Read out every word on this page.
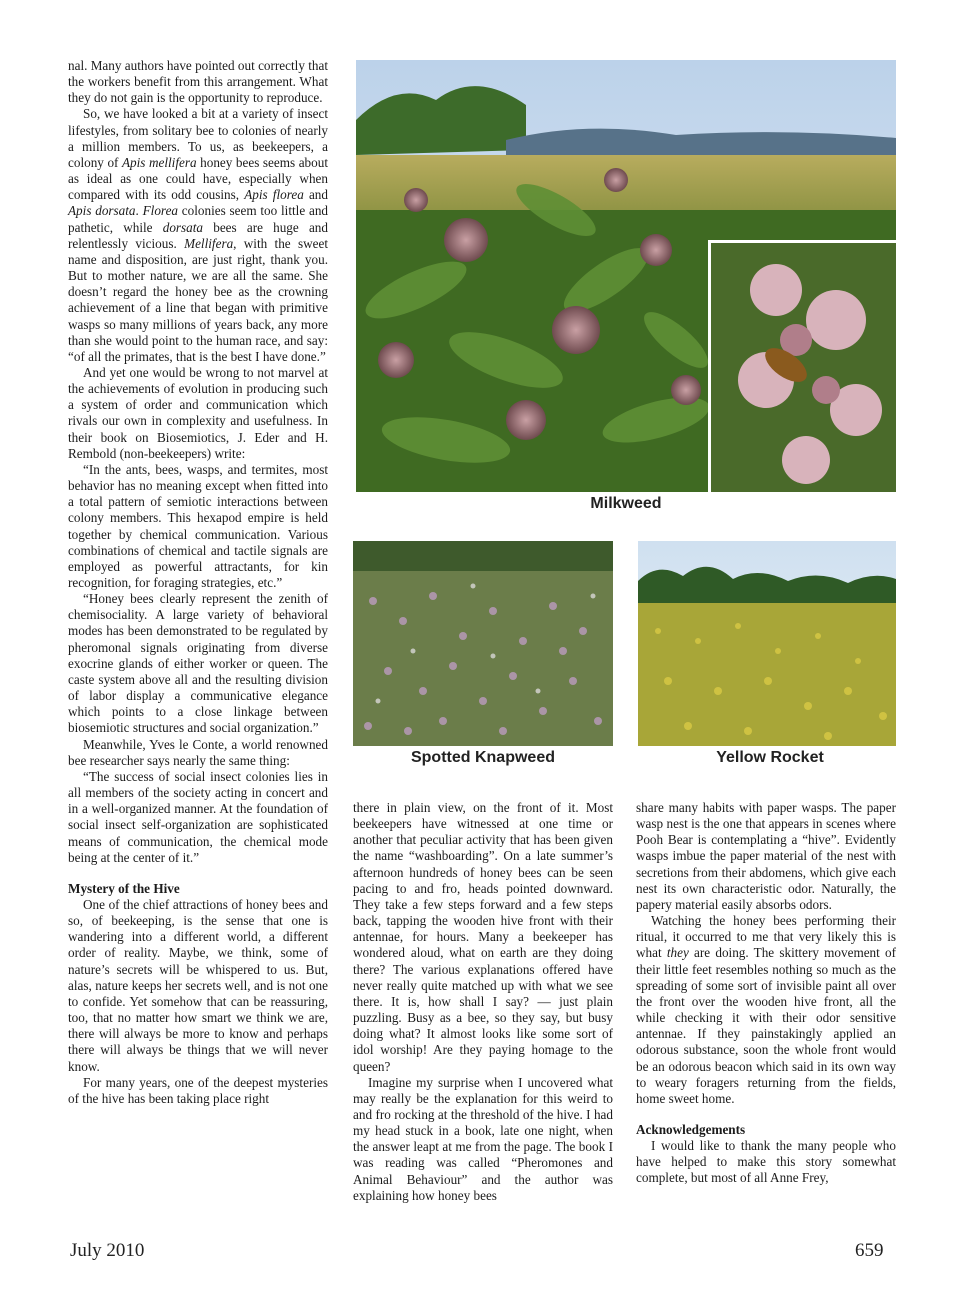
nal. Many authors have pointed out correctly that the workers benefit from this arrangement. What they do not gain is the opportunity to reproduce.

So, we have looked a bit at a variety of insect lifestyles, from solitary bee to colonies of nearly a million members. To us, as beekeepers, a colony of Apis mellifera honey bees seems about as ideal as one could have, especially when compared with its odd cousins, Apis florea and Apis dorsata. Florea colonies seem too little and pathetic, while dorsata bees are huge and relentlessly vicious. Mellifera, with the sweet name and disposition, are just right, thank you. But to mother nature, we are all the same. She doesn’t regard the honey bee as the crowning achievement of a line that began with primitive wasps so many millions of years back, any more than she would point to the human race, and say: “of all the primates, that is the best I have done.”

And yet one would be wrong to not marvel at the achievements of evolution in producing such a system of order and communication which rivals our own in complexity and usefulness. In their book on Biosemiotics, J. Eder and H. Rembold (non-beekeepers) write:

“In the ants, bees, wasps, and termites, most behavior has no meaning except when fitted into a total pattern of semiotic interactions between colony members. This hexapod empire is held together by chemical communication. Various combinations of chemical and tactile signals are employed as powerful attractants, for kin recognition, for foraging strategies, etc.”

“Honey bees clearly represent the zenith of chemisociality. A large variety of behavioral modes has been demonstrated to be regulated by pheromonal signals originating from diverse exocrine glands of either worker or queen. The caste system above all and the resulting division of labor display a communicative elegance which points to a close linkage between biosemiotic structures and social organization.”

Meanwhile, Yves le Conte, a world renowned bee researcher says nearly the same thing:

“The success of social insect colonies lies in all members of the society acting in concert and in a well-organized manner. At the foundation of social insect self-organization are sophisticated means of communication, the chemical mode being at the center of it.”

Mystery of the Hive

One of the chief attractions of honey bees and so, of beekeeping, is the sense that one is wandering into a different world, a different order of reality. Maybe, we think, some of nature’s secrets will be whispered to us. But, alas, nature keeps her secrets well, and is not one to confide. Yet somehow that can be reassuring, too, that no matter how smart we think we are, there will always be more to know and perhaps there will always be things that we will never know.

For many years, one of the deepest mysteries of the hive has been taking place right

Milkweed
Spotted Knapweed	Yellow Rocket

there in plain view, on the front of it. Most beekeepers have witnessed at one time or another that peculiar activity that has been given the name “washboarding”. On a late summer’s afternoon hundreds of honey bees can be seen pacing to and fro, heads pointed downward. They take a few steps forward and a few steps back, tapping the wooden hive front with their antennae, for hours. Many a beekeeper has wondered aloud, what on earth are they doing there? The various explanations offered have never really quite matched up with what we see there. It is, how shall I say? — just plain puzzling. Busy as a bee, so they say, but busy doing what? It almost looks like some sort of idol worship! Are they paying homage to the queen?

Imagine my surprise when I uncovered what may really be the explanation for this weird to and fro rocking at the threshold of the hive. I had my head stuck in a book, late one night, when the answer leapt at me from the page. The book I was reading was called “Pheromones and Animal Behaviour” and the author was explaining how honey bees

share many habits with paper wasps. The paper wasp nest is the one that appears in scenes where Pooh Bear is contemplating a “hive”. Evidently wasps imbue the paper material of the nest with secretions from their abdomens, which give each nest its own characteristic odor. Naturally, the papery material easily absorbs odors.

Watching the honey bees performing their ritual, it occurred to me that very likely this is what they are doing. The skittery movement of their little feet resembles nothing so much as the spreading of some sort of invisible paint all over the front over the wooden hive front, all the while checking it with their odor sensitive antennae. If they painstakingly applied an odorous substance, soon the whole front would be an odorous beacon which said in its own way to weary foragers returning from the fields, home sweet home.

Acknowledgements

I would like to thank the many people who have helped to make this story somewhat complete, but most of all Anne Frey,

July 2010	659
